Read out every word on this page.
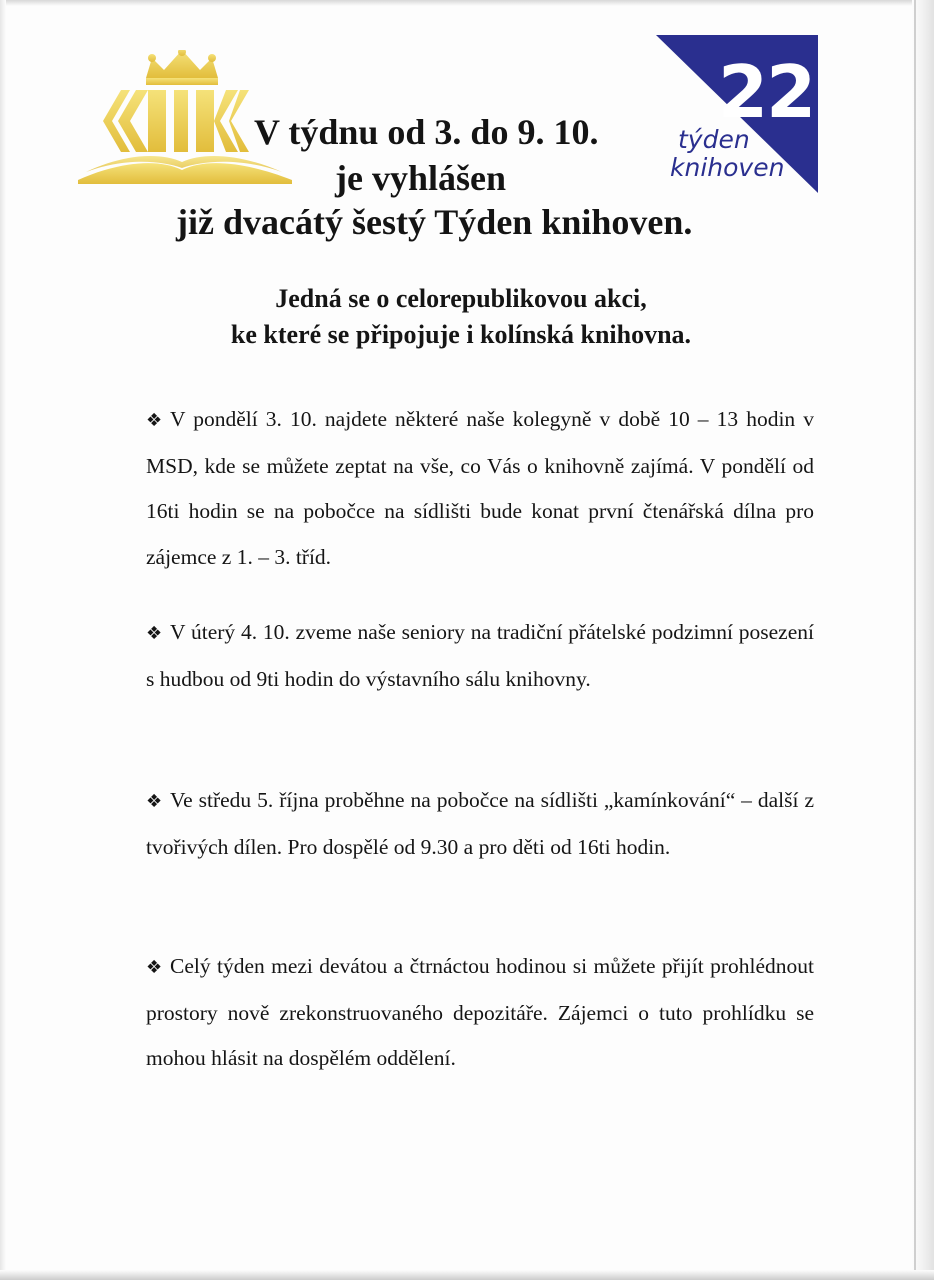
22
týden
knihoven
V týdnu od 3. do 9. 10.
je vyhlášen
již dvacátý šestý Týden knihoven.
Jedná se o celorepublikovou akci,
ke které se připojuje i kolínská knihovna.

❖ V pondělí 3. 10. najdete některé naše kolegyně v době 10 – 13 hodin v MSD, kde se můžete zeptat na vše, co Vás o knihovně zajímá. V pondělí od 16ti hodin se na pobočce na sídlišti bude konat první čtenářská dílna pro zájemce z 1. – 3. tříd.

❖ V úterý 4. 10. zveme naše seniory na tradiční přátelské podzimní posezení s hudbou od 9ti hodin do výstavního sálu knihovny.

❖ Ve středu 5. října proběhne na pobočce na sídlišti „kamínkování“ – další z tvořivých dílen. Pro dospělé od 9.30 a pro děti od 16ti hodin.

❖ Celý týden mezi devátou a čtrnáctou hodinou si můžete přijít prohlédnout prostory nově zrekonstruovaného depozitáře. Zájemci o tuto prohlídku se mohou hlásit na dospělém oddělení.
